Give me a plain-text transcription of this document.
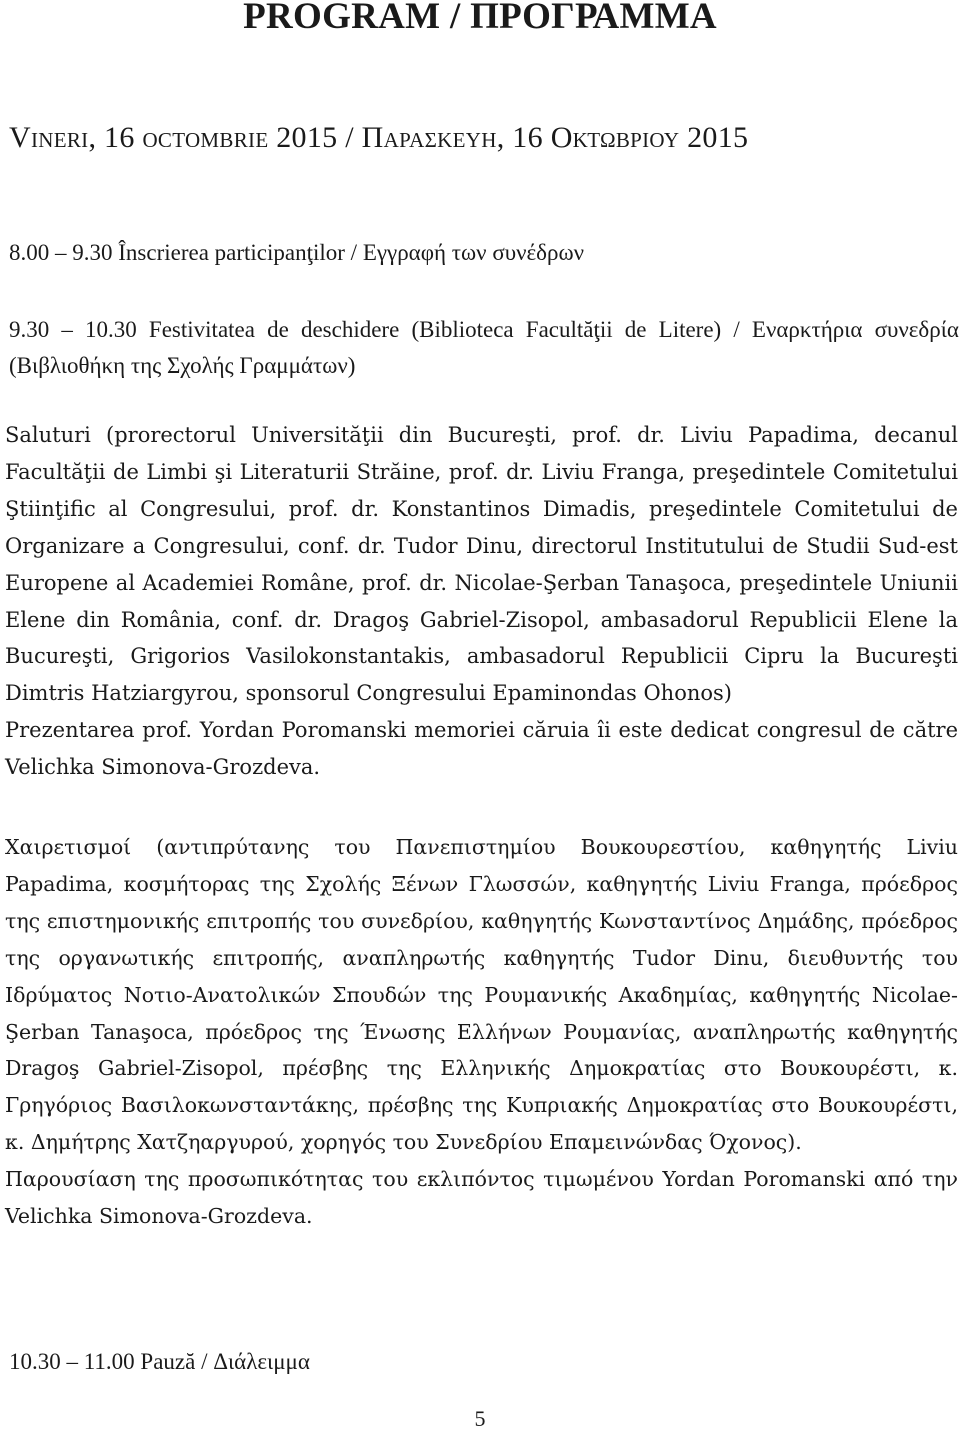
PROGRAM / ΠΡΟΓΡΑΜΜΑ
Vineri, 16 octombrie 2015 / Παρασκευη, 16 Οκτωβριου 2015
8.00 – 9.30 Înscrierea participanţilor / Εγγραφή των συνέδρων
9.30 – 10.30 Festivitatea de deschidere (Biblioteca Facultăţii de Litere) / Εναρκτήρια συνεδρία (Βιβλιοθήκη της Σχολής Γραμμάτων)

Saluturi (prorectorul Universităţii din Bucureşti, prof. dr. Liviu Papadima, decanul Facultăţii de Limbi şi Literaturii Străine, prof. dr. Liviu Franga, preşedintele Comitetului Ştiinţific al Congresului, prof. dr. Konstantinos Dimadis, preşedintele Comitetului de Organizare a Congresului, conf. dr. Tudor Dinu, directorul Institutului de Studii Sud-est Europene al Academiei Române, prof. dr. Nicolae-Şerban Tanaşoca, preşedintele Uniunii Elene din România, conf. dr. Dragoş Gabriel-Zisopol, ambasadorul Republicii Elene la Bucureşti, Grigorios Vasilokonstantakis, ambasadorul Republicii Cipru la Bucureşti Dimtris Hatziargyrou, sponsorul Congresului Epaminondas Ohonos)

Prezentarea prof. Yordan Poromanski memoriei căruia îi este dedicat congresul de către Velichka Simonova-Grozdeva.

Χαιρετισμοί (αντιπρύτανης του Πανεπιστημίου Βουκουρεστίου, καθηγητής Liviu Papadima, κοσμήτορας της Σχολής Ξένων Γλωσσών, καθηγητής Liviu Franga, πρόεδρος της επιστημονικής επιτροπής του συνεδρίου, καθηγητής Κωνσταντίνος Δημάδης, πρόεδρος της οργανωτικής επιτροπής, αναπληρωτής καθηγητής Tudor Dinu, διευθυντής του Ιδρύματος Νοτιο-Ανατολικών Σπουδών της Ρουμανικής Ακαδημίας, καθηγητής Nicolae-Şerban Tanaşoca, πρόεδρος της Ένωσης Ελλήνων Ρουμανίας, αναπληρωτής καθηγητής Dragoş Gabriel-Zisopol, πρέσβης της Ελληνικής Δημοκρατίας στο Βουκουρέστι, κ. Γρηγόριος Βασιλοκωνσταντάκης, πρέσβης της Κυπριακής Δημοκρατίας στο Βουκουρέστι, κ. Δημήτρης Χατζηαργυρού, χορηγός του Συνεδρίου Επαμεινώνδας Όχονος).

Παρουσίαση της προσωπικότητας του εκλιπόντος τιμωμένου Yordan Poromanski από την Velichka Simonova-Grozdeva.

10.30 – 11.00 Pauză / Διάλειμμα
5
